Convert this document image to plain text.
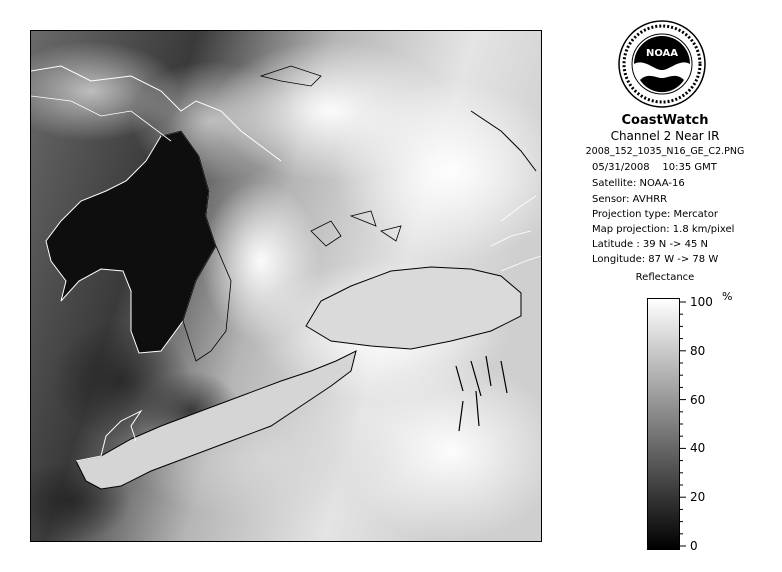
NOAA
CoastWatch
Channel 2 Near IR
2008_152_1035_N16_GE_C2.PNG
05/31/2008 10:35 GMT
Satellite: NOAA-16
Sensor: AVHRR
Projection type: Mercator
Map projection: 1.8 km/pixel
Latitude : 39 N -> 45 N
Longitude: 87 W -> 78 W
Reflectance
%
100
80
60
40
20
0
